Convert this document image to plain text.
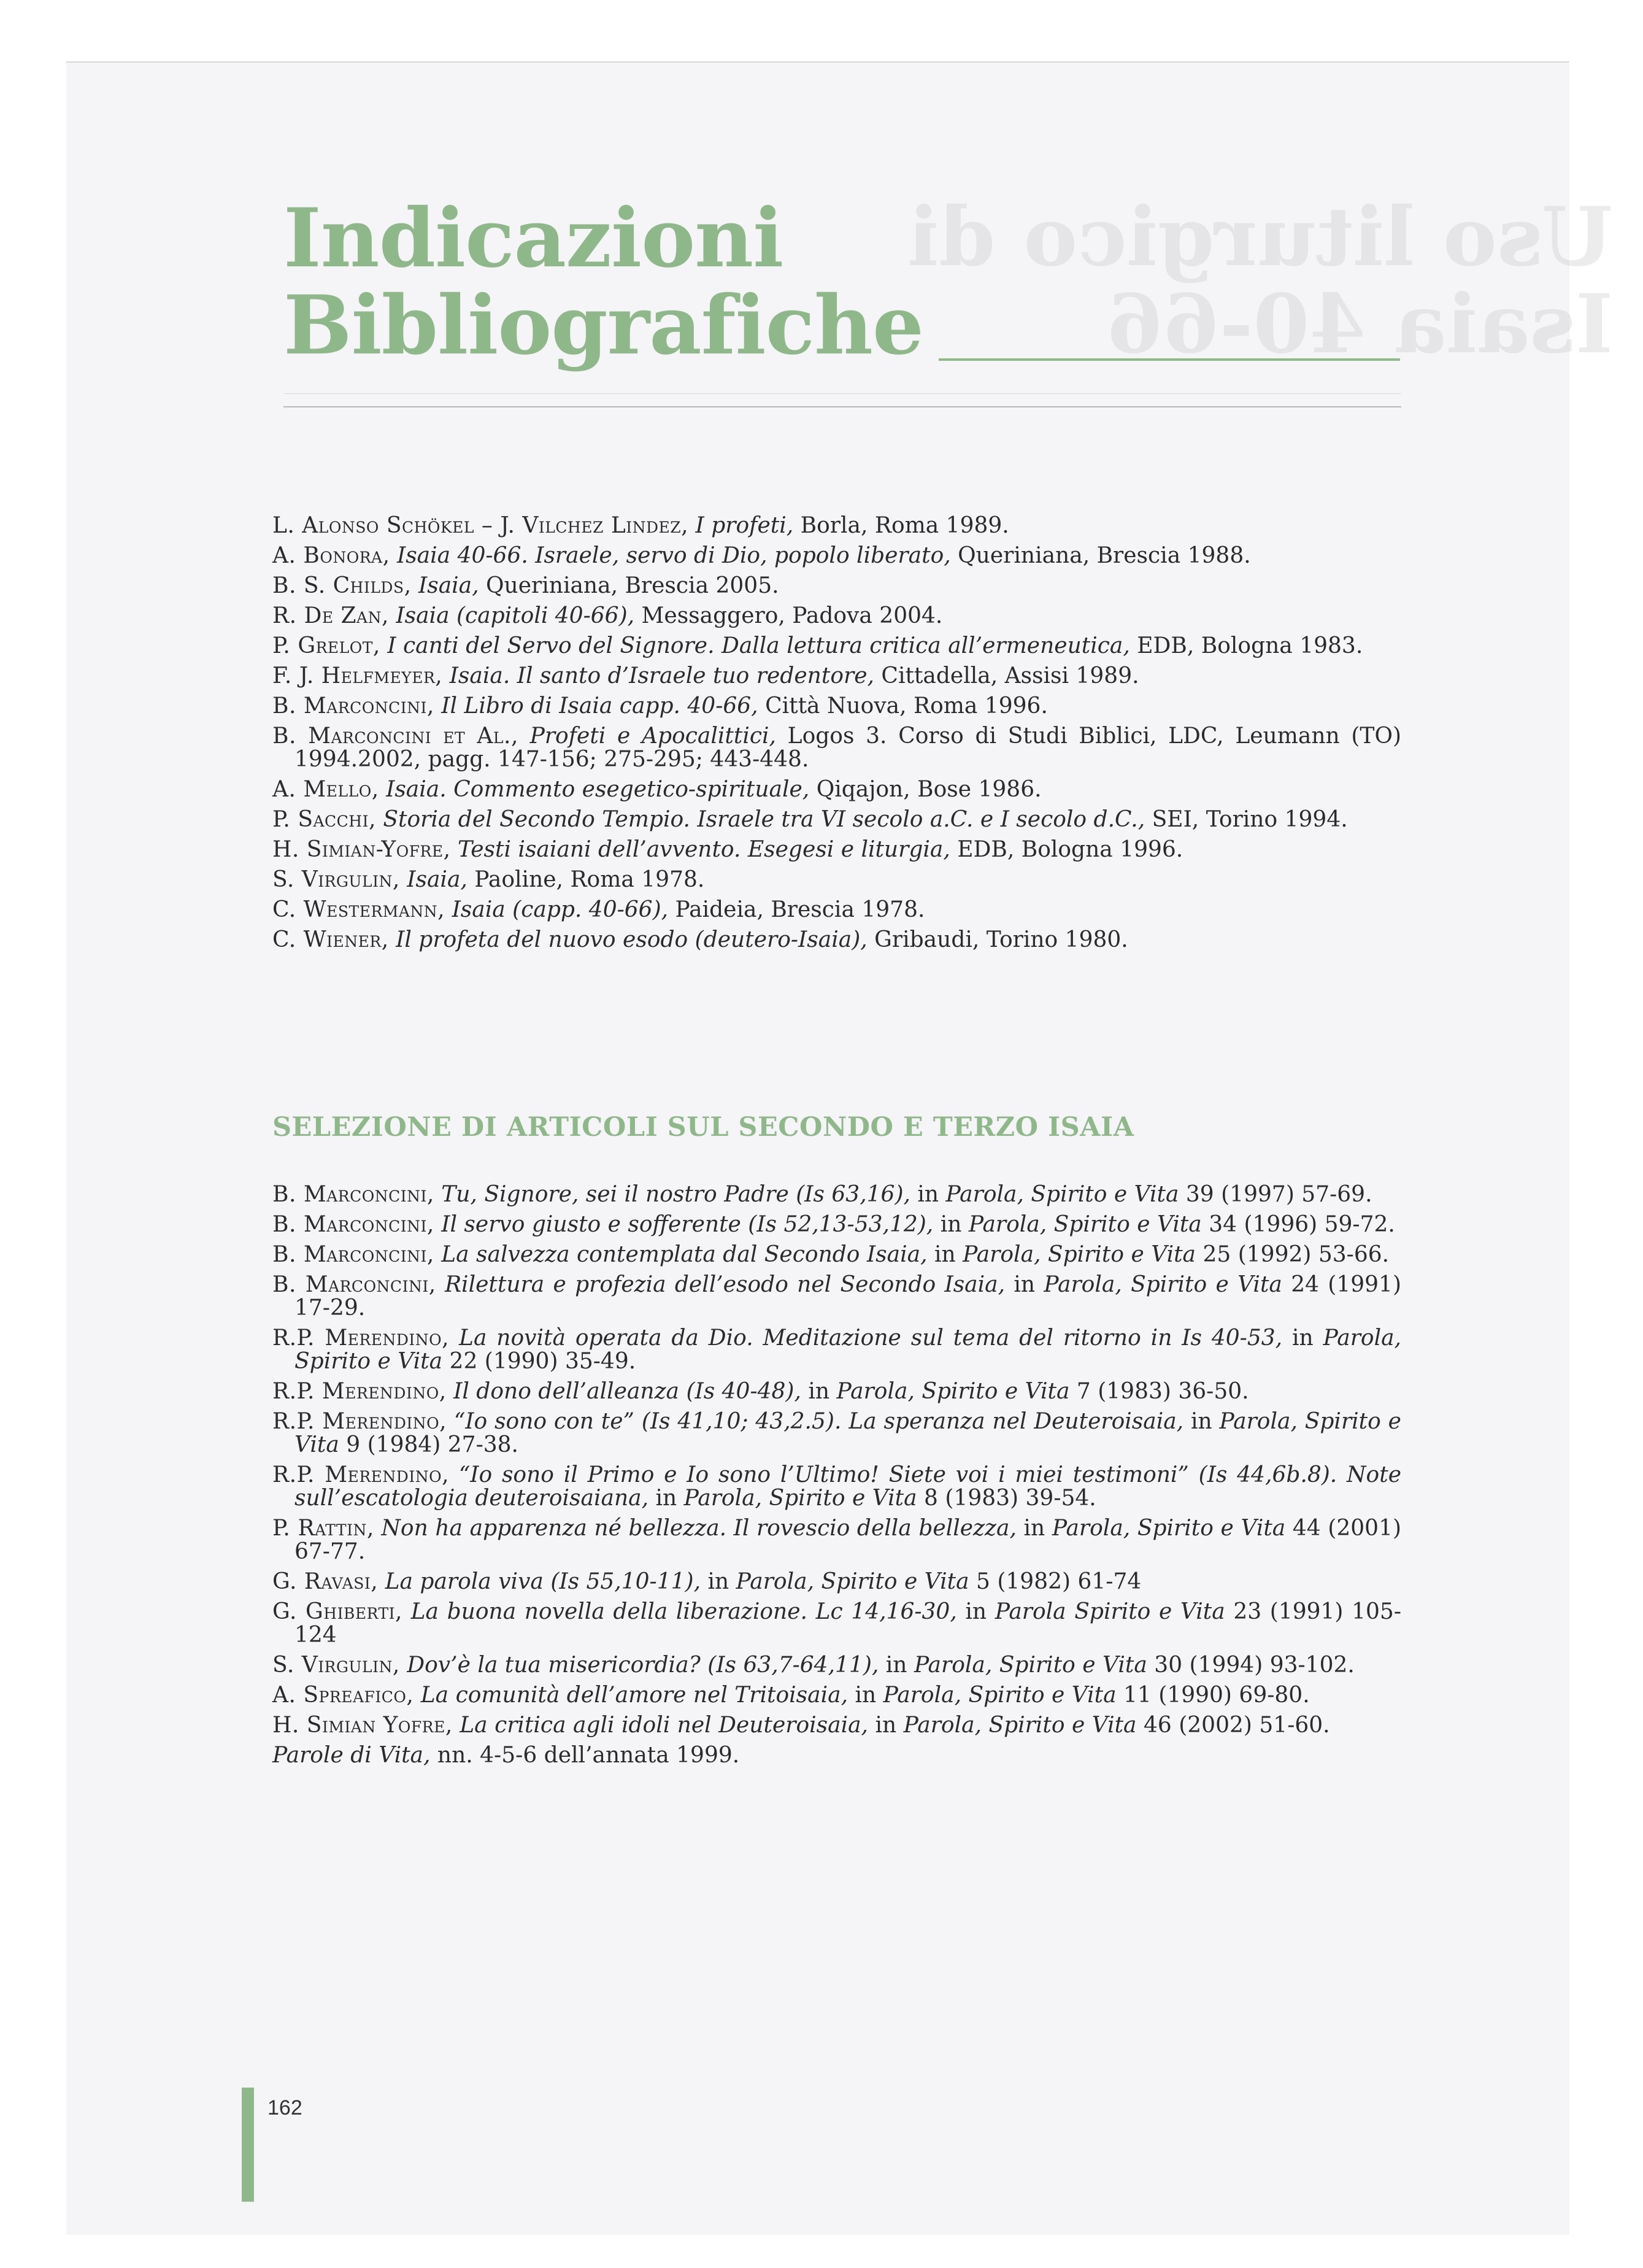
Uso liturgico di
Isaia 40-66
Indicazioni
Bibliografiche
L. Alonso Schökel – J. Vilchez Lindez, I profeti, Borla, Roma 1989.
A. Bonora, Isaia 40-66. Israele, servo di Dio, popolo liberato, Queriniana, Brescia 1988.
B. S. Childs, Isaia, Queriniana, Brescia 2005.
R. De Zan, Isaia (capitoli 40-66), Messaggero, Padova 2004.
P. Grelot, I canti del Servo del Signore. Dalla lettura critica all’ermeneutica, EDB, Bologna 1983.
F. J. Helfmeyer, Isaia. Il santo d’Israele tuo redentore, Cittadella, Assisi 1989.
B. Marconcini, Il Libro di Isaia capp. 40-66, Città Nuova, Roma 1996.
B. Marconcini et Al., Profeti e Apocalittici, Logos 3. Corso di Studi Biblici, LDC, Leumann (TO) 1994.2002, pagg. 147-156; 275-295; 443-448.
A. Mello, Isaia. Commento esegetico-spirituale, Qiqajon, Bose 1986.
P. Sacchi, Storia del Secondo Tempio. Israele tra VI secolo a.C. e I secolo d.C., SEI, Torino 1994.
H. Simian-Yofre, Testi isaiani dell’avvento. Esegesi e liturgia, EDB, Bologna 1996.
S. Virgulin, Isaia, Paoline, Roma 1978.
C. Westermann, Isaia (capp. 40-66), Paideia, Brescia 1978.
C. Wiener, Il profeta del nuovo esodo (deutero-Isaia), Gribaudi, Torino 1980.
SELEZIONE DI ARTICOLI SUL SECONDO E TERZO ISAIA
B. Marconcini, Tu, Signore, sei il nostro Padre (Is 63,16), in Parola, Spirito e Vita 39 (1997) 57-69.
B. Marconcini, Il servo giusto e sofferente (Is 52,13-53,12), in Parola, Spirito e Vita 34 (1996) 59-72.
B. Marconcini, La salvezza contemplata dal Secondo Isaia, in Parola, Spirito e Vita 25 (1992) 53-66.
B. Marconcini, Rilettura e profezia dell’esodo nel Secondo Isaia, in Parola, Spirito e Vita 24 (1991) 17-29.
R.P. Merendino, La novità operata da Dio. Meditazione sul tema del ritorno in Is 40-53, in Parola, Spirito e Vita 22 (1990) 35-49.
R.P. Merendino, Il dono dell’alleanza (Is 40-48), in Parola, Spirito e Vita 7 (1983) 36-50.
R.P. Merendino, “Io sono con te” (Is 41,10; 43,2.5). La speranza nel Deuteroisaia, in Parola, Spirito e Vita 9 (1984) 27-38.
R.P. Merendino, “Io sono il Primo e Io sono l’Ultimo! Siete voi i miei testimoni” (Is 44,6b.8). Note sull’escatologia deuteroisaiana, in Parola, Spirito e Vita 8 (1983) 39-54.
P. Rattin, Non ha apparenza né bellezza. Il rovescio della bellezza, in Parola, Spirito e Vita 44 (2001) 67-77.
G. Ravasi, La parola viva (Is 55,10-11), in Parola, Spirito e Vita 5 (1982) 61-74
G. Ghiberti, La buona novella della liberazione. Lc 14,16-30, in Parola Spirito e Vita 23 (1991) 105-124
S. Virgulin, Dov’è la tua misericordia? (Is 63,7-64,11), in Parola, Spirito e Vita 30 (1994) 93-102.
A. Spreafico, La comunità dell’amore nel Tritoisaia, in Parola, Spirito e Vita 11 (1990) 69-80.
H. Simian Yofre, La critica agli idoli nel Deuteroisaia, in Parola, Spirito e Vita 46 (2002) 51-60.
Parole di Vita, nn. 4-5-6 dell’annata 1999.
162
